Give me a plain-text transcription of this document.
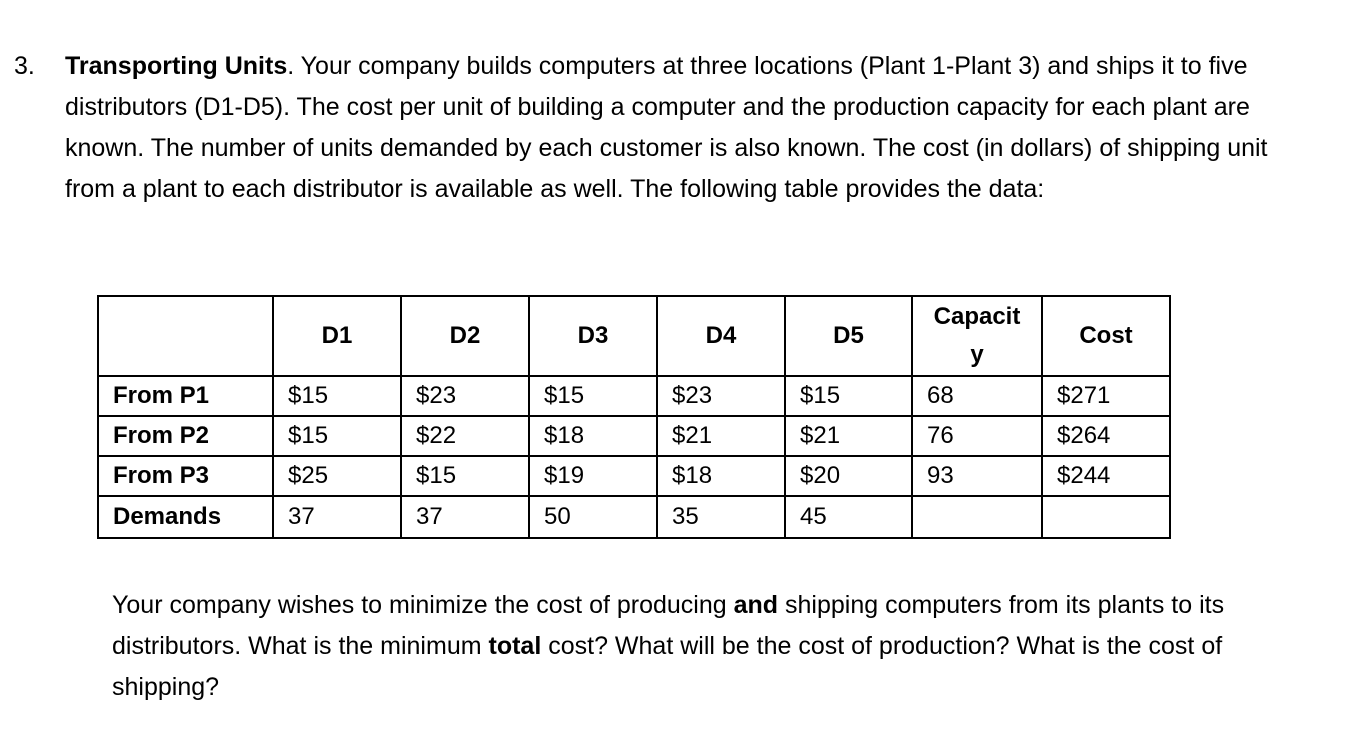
3. Transporting Units. Your company builds computers at three locations (Plant 1-Plant 3) and ships it to five distributors (D1-D5). The cost per unit of building a computer and the production capacity for each plant are known. The number of units demanded by each customer is also known. The cost (in dollars) of shipping unit from a plant to each distributor is available as well. The following table provides the data:
	D1	D2	D3	D4	D5	Capacity	Cost
From P1	$15	$23	$15	$23	$15	68	$271
From P2	$15	$22	$18	$21	$21	76	$264
From P3	$25	$15	$19	$18	$20	93	$244
Demands	37	37	50	35	45		
Your company wishes to minimize the cost of producing and shipping computers from its plants to its distributors. What is the minimum total cost? What will be the cost of production? What is the cost of shipping?
